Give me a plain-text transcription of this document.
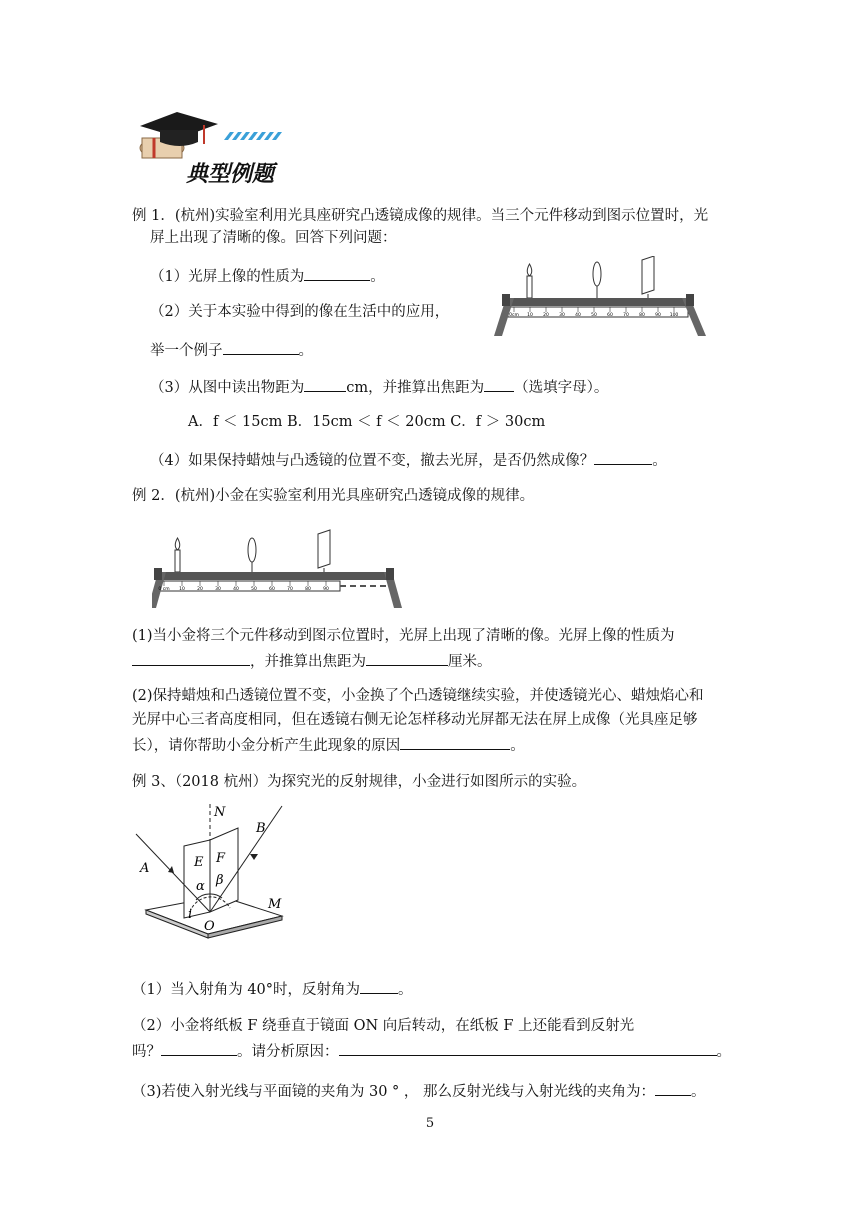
典型例题
例 1．(杭州)实验室利用光具座研究凸透镜成像的规律。当三个元件移动到图示位置时，光
屏上出现了清晰的像。回答下列问题：
（1）光屏上像的性质为	。
（2）关于本实验中得到的像在生活中的应用，
举一个例子	。
0cm 10 20 30 40 50 60 70 80 90 100
（3）从图中读出物距为	cm，并推算出焦距为 （选填字母）。
A．f ＜ 15cm B．15cm ＜ f ＜ 20cm C．f ＞ 30cm
（4）如果保持蜡烛与凸透镜的位置不变，撤去光屏，是否仍然成像？	。
例 2．(杭州)小金在实验室利用光具座研究凸透镜成像的规律。
0 cm 10	20	30	40	50	60	70	80	90
(1)当小金将三个元件移动到图示位置时，光屏上出现了清晰的像。光屏上像的性质为
，并推算出焦距为	厘米。
(2)保持蜡烛和凸透镜位置不变，小金换了个凸透镜继续实验，并使透镜光心、蜡烛焰心和
光屏中心三者高度相同，但在透镜右侧无论怎样移动光屏都无法在屏上成像（光具座足够
长），请你帮助小金分析产生此现象的原因	。
例 3、（2018 杭州）为探究光的反射规律，小金进行如图所示的实验。
N
A
B
E F
α β
i
O
M
（1）当入射角为 40°时，反射角为	。
（2）小金将纸板 F 绕垂直于镜面 ON 向后转动，在纸板 F 上还能看到反射光
吗？	。请分析原因：	。
（3)若使入射光线与平面镜的夹角为 30 ° ， 那么反射光线与入射光线的夹角为： 。
5
